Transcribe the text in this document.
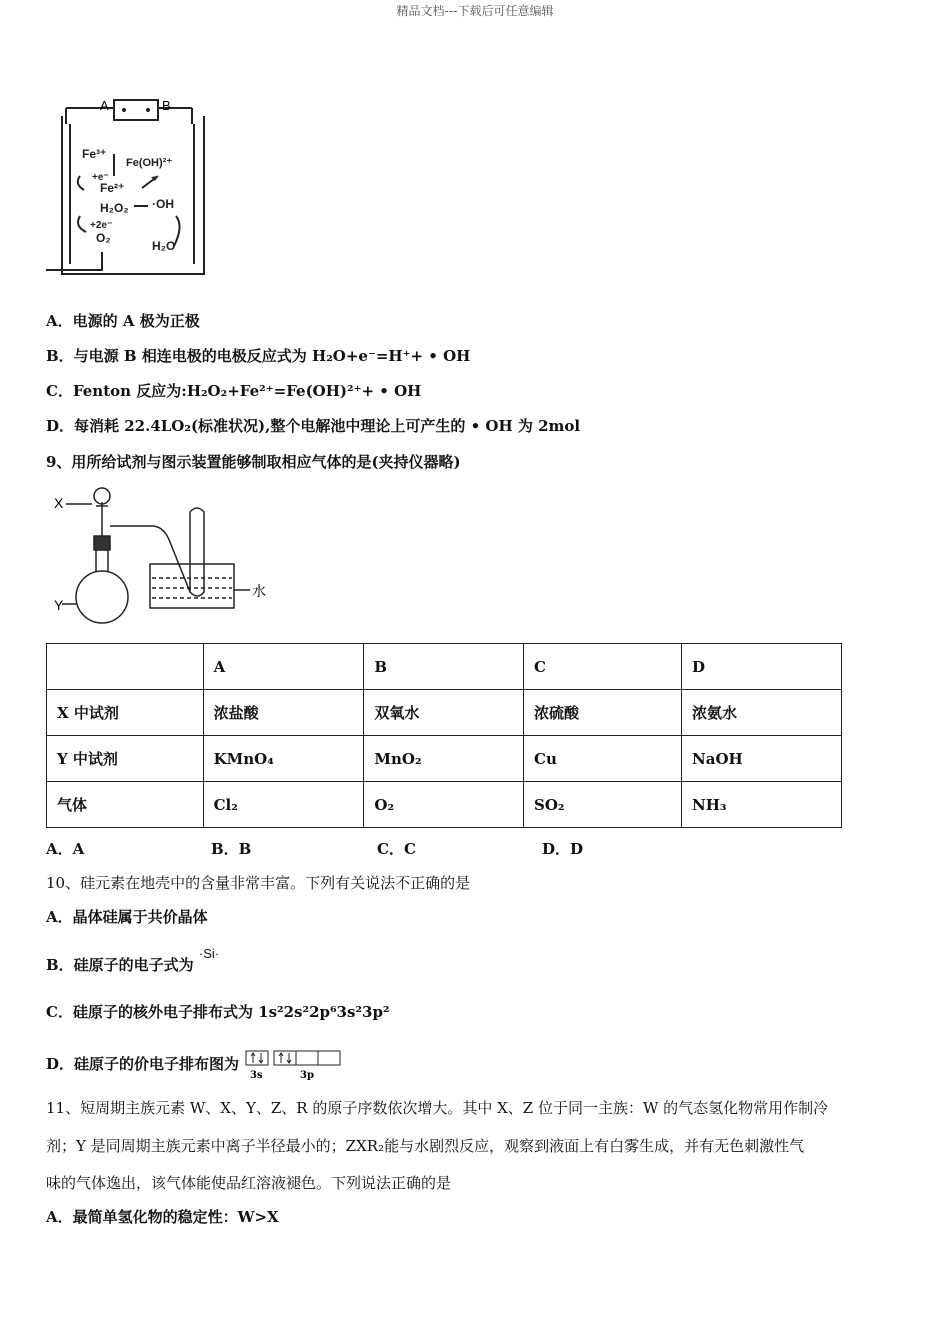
精品文档---下载后可任意编辑
A	B
Fe³⁺
+e⁻
Fe²⁺
Fe(OH)²⁺
H₂O₂ ·OH
+2e⁻
O₂
H₂O
A．电源的 A 极为正极
B．与电源 B 相连电极的电极反应式为 H₂O+e⁻=H⁺+ • OH
C．Fenton 反应为:H₂O₂+Fe²⁺=Fe(OH)²⁺+ • OH
D．每消耗 22.4LO₂(标准状况),整个电解池中理论上可产生的 • OH 为 2mol
9、用所给试剂与图示装置能够制取相应气体的是(夹持仪器略)
X
Y
水
	A	B	C	D
X 中试剂	浓盐酸	双氧水	浓硫酸	浓氨水
Y 中试剂	KMnO₄	MnO₂	Cu	NaOH
气体	Cl₂	O₂	SO₂	NH₃
A．A	B．B	C．C	D．D
10、硅元素在地壳中的含量非常丰富。下列有关说法不正确的是
A．晶体硅属于共价晶体
B．硅原子的电子式为 ·Si·
C．硅原子的核外电子排布式为 1s²2s²2p⁶3s²3p²
D．硅原子的价电子排布图为
3s	3p
11、短周期主族元素 W、X、Y、Z、R 的原子序数依次增大。其中 X、Z 位于同一主族：W 的气态氢化物常用作制冷
剂；Y 是同周期主族元素中离子半径最小的；ZXR₂能与水剧烈反应，观察到液面上有白雾生成，并有无色刺激性气
味的气体逸出，该气体能使品红溶液褪色。下列说法正确的是
A．最简单氢化物的稳定性：W>X
